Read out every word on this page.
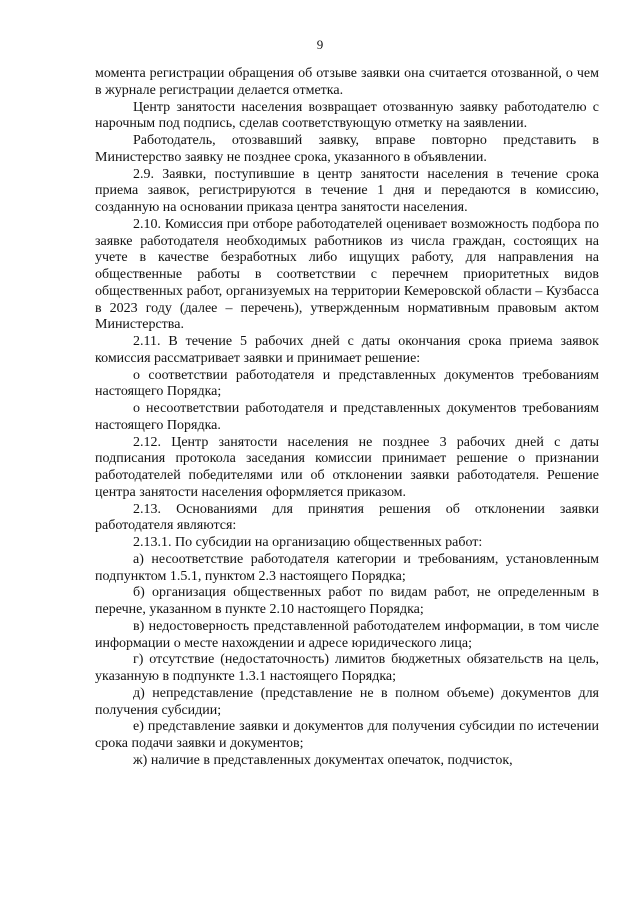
9

момента регистрации обращения об отзыве заявки она считается отозванной, о чем в журнале регистрации делается отметка.

Центр занятости населения возвращает отозванную заявку работодателю с нарочным под подпись, сделав соответствующую отметку на заявлении.

Работодатель, отозвавший заявку, вправе повторно представить в Министерство заявку не позднее срока, указанного в объявлении.

2.9. Заявки, поступившие в центр занятости населения в течение срока приема заявок, регистрируются в течение 1 дня и передаются в комиссию, созданную на основании приказа центра занятости населения.

2.10. Комиссия при отборе работодателей оценивает возможность подбора по заявке работодателя необходимых работников из числа граждан, состоящих на учете в качестве безработных либо ищущих работу, для направления на общественные работы в соответствии с перечнем приоритетных видов общественных работ, организуемых на территории Кемеровской области – Кузбасса в 2023 году (далее – перечень), утвержденным нормативным правовым актом Министерства.

2.11. В течение 5 рабочих дней с даты окончания срока приема заявок комиссия рассматривает заявки и принимает решение:

о соответствии работодателя и представленных документов требованиям настоящего Порядка;

о несоответствии работодателя и представленных документов требованиям настоящего Порядка.

2.12. Центр занятости населения не позднее 3 рабочих дней с даты подписания протокола заседания комиссии принимает решение о признании работодателей победителями или об отклонении заявки работодателя. Решение центра занятости населения оформляется приказом.

2.13. Основаниями для принятия решения об отклонении заявки работодателя являются:

2.13.1. По субсидии на организацию общественных работ:

а) несоответствие работодателя категории и требованиям, установленным подпунктом 1.5.1, пунктом 2.3 настоящего Порядка;

б) организация общественных работ по видам работ, не определенным в перечне, указанном в пункте 2.10 настоящего Порядка;

в) недостоверность представленной работодателем информации, в том числе информации о месте нахождении и адресе юридического лица;

г) отсутствие (недостаточность) лимитов бюджетных обязательств на цель, указанную в подпункте 1.3.1 настоящего Порядка;

д) непредставление (представление не в полном объеме) документов для получения субсидии;

е) представление заявки и документов для получения субсидии по истечении срока подачи заявки и документов;

ж) наличие в представленных документах опечаток, подчисток,
